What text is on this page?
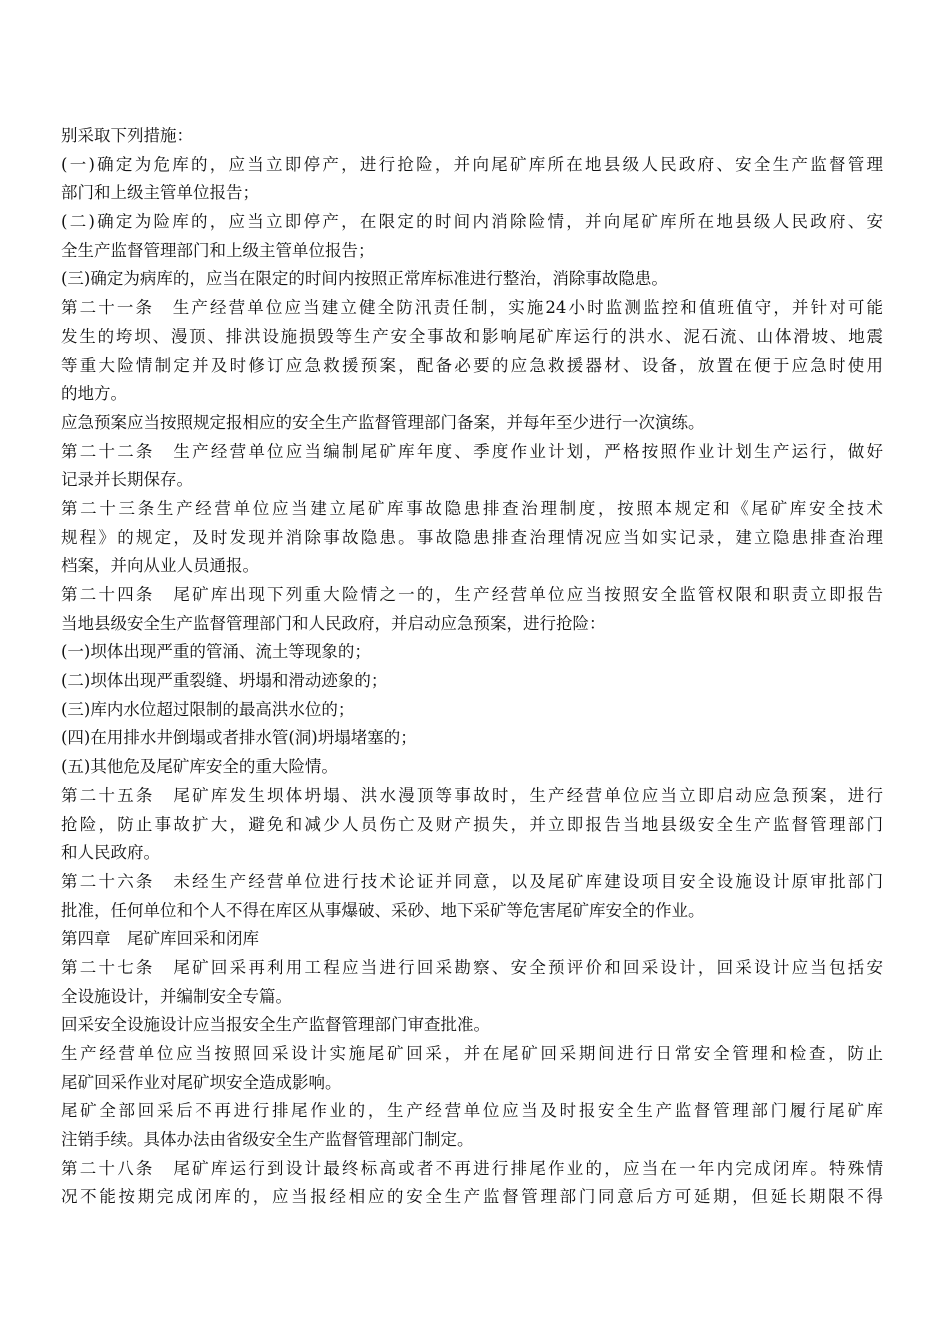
别采取下列措施：
(一)确定为危库的，应当立即停产，进行抢险，并向尾矿库所在地县级人民政府、安全生产监督管理
部门和上级主管单位报告；
(二)确定为险库的，应当立即停产，在限定的时间内消除险情，并向尾矿库所在地县级人民政府、安
全生产监督管理部门和上级主管单位报告；
(三)确定为病库的，应当在限定的时间内按照正常库标准进行整治，消除事故隐患。
第二十一条　生产经营单位应当建立健全防汛责任制，实施24小时监测监控和值班值守，并针对可能
发生的垮坝、漫顶、排洪设施损毁等生产安全事故和影响尾矿库运行的洪水、泥石流、山体滑坡、地震
等重大险情制定并及时修订应急救援预案，配备必要的应急救援器材、设备，放置在便于应急时使用
的地方。
应急预案应当按照规定报相应的安全生产监督管理部门备案，并每年至少进行一次演练。
第二十二条　生产经营单位应当编制尾矿库年度、季度作业计划，严格按照作业计划生产运行，做好
记录并长期保存。
第二十三条生产经营单位应当建立尾矿库事故隐患排查治理制度，按照本规定和《尾矿库安全技术
规程》的规定，及时发现并消除事故隐患。事故隐患排查治理情况应当如实记录，建立隐患排查治理
档案，并向从业人员通报。
第二十四条　尾矿库出现下列重大险情之一的，生产经营单位应当按照安全监管权限和职责立即报告
当地县级安全生产监督管理部门和人民政府，并启动应急预案，进行抢险：
(一)坝体出现严重的管涌、流土等现象的；
(二)坝体出现严重裂缝、坍塌和滑动迹象的；
(三)库内水位超过限制的最高洪水位的；
(四)在用排水井倒塌或者排水管(洞)坍塌堵塞的；
(五)其他危及尾矿库安全的重大险情。
第二十五条　尾矿库发生坝体坍塌、洪水漫顶等事故时，生产经营单位应当立即启动应急预案，进行
抢险，防止事故扩大，避免和减少人员伤亡及财产损失，并立即报告当地县级安全生产监督管理部门
和人民政府。
第二十六条　未经生产经营单位进行技术论证并同意，以及尾矿库建设项目安全设施设计原审批部门
批准，任何单位和个人不得在库区从事爆破、采砂、地下采矿等危害尾矿库安全的作业。
第四章　尾矿库回采和闭库
第二十七条　尾矿回采再利用工程应当进行回采勘察、安全预评价和回采设计，回采设计应当包括安
全设施设计，并编制安全专篇。
回采安全设施设计应当报安全生产监督管理部门审查批准。
生产经营单位应当按照回采设计实施尾矿回采，并在尾矿回采期间进行日常安全管理和检查，防止
尾矿回采作业对尾矿坝安全造成影响。
尾矿全部回采后不再进行排尾作业的，生产经营单位应当及时报安全生产监督管理部门履行尾矿库
注销手续。具体办法由省级安全生产监督管理部门制定。
第二十八条　尾矿库运行到设计最终标高或者不再进行排尾作业的，应当在一年内完成闭库。特殊情
况不能按期完成闭库的，应当报经相应的安全生产监督管理部门同意后方可延期，但延长期限不得
